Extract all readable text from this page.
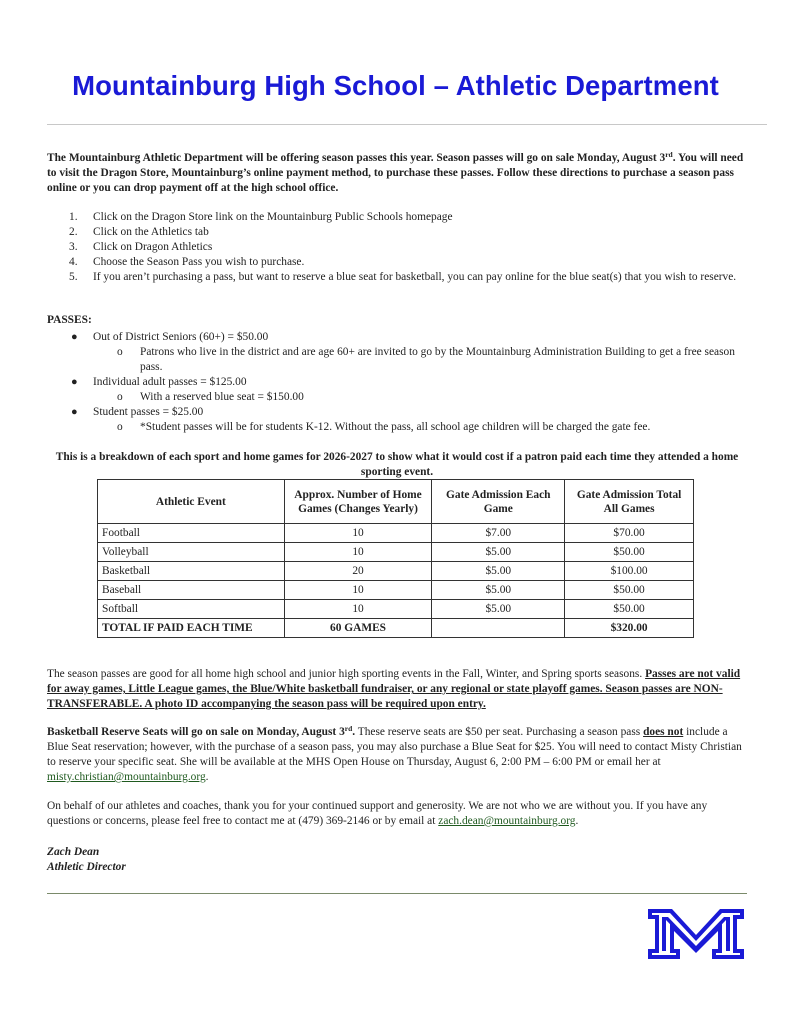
Mountainburg High School – Athletic Department
The Mountainburg Athletic Department will be offering season passes this year. Season passes will go on sale Monday, August 3rd. You will need to visit the Dragon Store, Mountainburg’s online payment method, to purchase these passes. Follow these directions to purchase a season pass online or you can drop payment off at the high school office.
1. Click on the Dragon Store link on the Mountainburg Public Schools homepage
2. Click on the Athletics tab
3. Click on Dragon Athletics
4. Choose the Season Pass you wish to purchase.
5. If you aren’t purchasing a pass, but want to reserve a blue seat for basketball, you can pay online for the blue seat(s) that you wish to reserve.
PASSES:
● Out of District Seniors (60+) = $50.00
o Patrons who live in the district and are age 60+ are invited to go by the Mountainburg Administration Building to get a free season pass.
● Individual adult passes = $125.00
o With a reserved blue seat = $150.00
● Student passes = $25.00
o *Student passes will be for students K-12. Without the pass, all school age children will be charged the gate fee.
This is a breakdown of each sport and home games for 2026-2027 to show what it would cost if a patron paid each time they attended a home sporting event.
Athletic Event	Approx. Number of Home Games (Changes Yearly)	Gate Admission Each Game	Gate Admission Total All Games
Football	10	$7.00	$70.00
Volleyball	10	$5.00	$50.00
Basketball	20	$5.00	$100.00
Baseball	10	$5.00	$50.00
Softball	10	$5.00	$50.00
TOTAL IF PAID EACH TIME	60 GAMES		$320.00
The season passes are good for all home high school and junior high sporting events in the Fall, Winter, and Spring sports seasons. Passes are not valid for away games, Little League games, the Blue/White basketball fundraiser, or any regional or state playoff games. Season passes are NON-TRANSFERABLE. A photo ID accompanying the season pass will be required upon entry.
Basketball Reserve Seats will go on sale on Monday, August 3rd. These reserve seats are $50 per seat. Purchasing a season pass does not include a Blue Seat reservation; however, with the purchase of a season pass, you may also purchase a Blue Seat for $25. You will need to contact Misty Christian to reserve your specific seat. She will be available at the MHS Open House on Thursday, August 6, 2:00 PM – 6:00 PM or email her at misty.christian@mountainburg.org.
On behalf of our athletes and coaches, thank you for your continued support and generosity. We are not who we are without you. If you have any questions or concerns, please feel free to contact me at (479) 369-2146 or by email at zach.dean@mountainburg.org.
Zach Dean
Athletic Director
